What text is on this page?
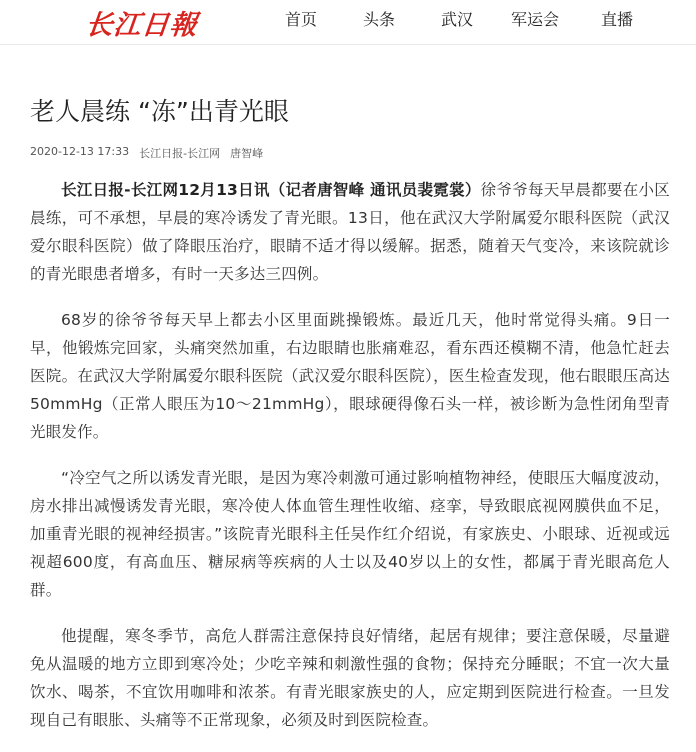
长江日報	首页	头条	武汉	军运会	直播
老人晨练 “冻”出青光眼
2020-12-13 17:33 长江日报-长江网 唐智峰

长江日报-长江网12月13日讯（记者唐智峰 通讯员裴霓裳）徐爷爷每天早晨都要在小区晨练，可不承想，早晨的寒冷诱发了青光眼。13日，他在武汉大学附属爱尔眼科医院（武汉爱尔眼科医院）做了降眼压治疗，眼睛不适才得以缓解。据悉，随着天气变冷，来该院就诊的青光眼患者增多，有时一天多达三四例。

68岁的徐爷爷每天早上都去小区里面跳操锻炼。最近几天，他时常觉得头痛。9日一早，他锻炼完回家，头痛突然加重，右边眼睛也胀痛难忍，看东西还模糊不清，他急忙赶去医院。在武汉大学附属爱尔眼科医院（武汉爱尔眼科医院），医生检查发现，他右眼眼压高达50mmHg（正常人眼压为10～21mmHg），眼球硬得像石头一样，被诊断为急性闭角型青光眼发作。

“冷空气之所以诱发青光眼，是因为寒冷刺激可通过影响植物神经，使眼压大幅度波动，房水排出减慢诱发青光眼，寒冷使人体血管生理性收缩、痉挛，导致眼底视网膜供血不足，加重青光眼的视神经损害。”该院青光眼科主任吴作红介绍说，有家族史、小眼球、近视或远视超600度，有高血压、糖尿病等疾病的人士以及40岁以上的女性，都属于青光眼高危人群。

他提醒，寒冬季节，高危人群需注意保持良好情绪，起居有规律；要注意保暖，尽量避免从温暖的地方立即到寒冷处；少吃辛辣和刺激性强的食物；保持充分睡眠；不宜一次大量饮水、喝茶，不宜饮用咖啡和浓茶。有青光眼家族史的人，应定期到医院进行检查。一旦发现自己有眼胀、头痛等不正常现象，必须及时到医院检查。
